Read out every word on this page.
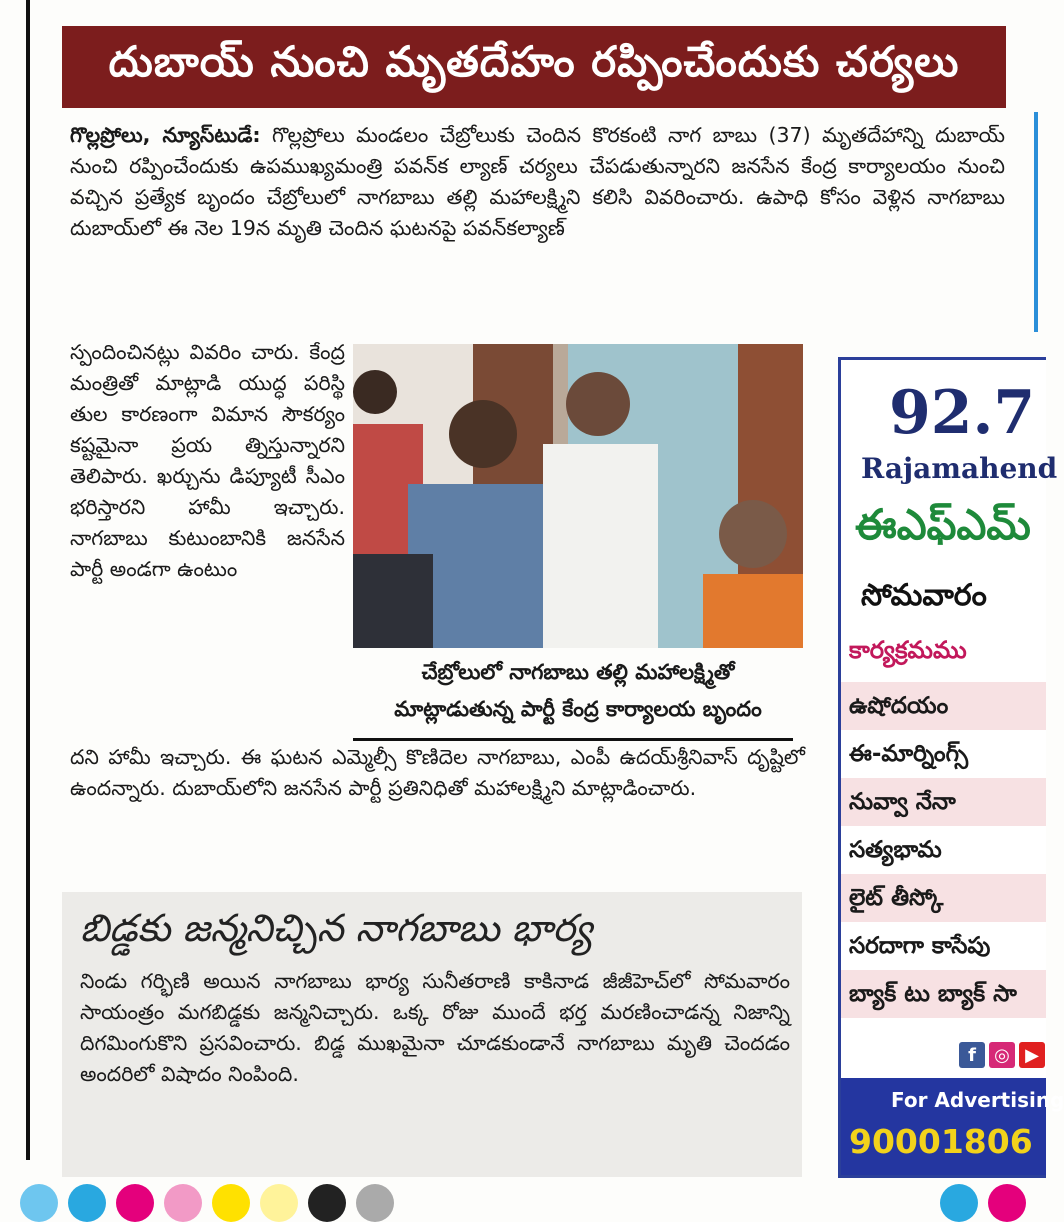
దుబాయ్ నుంచి మృతదేహం రప్పించేందుకు చర్యలు
గొల్లప్రోలు, న్యూస్‌టుడే: గొల్లప్రోలు మండలం చేబ్రోలుకు చెందిన కొరకంటి నాగ బాబు (37) మృతదేహాన్ని దుబాయ్ నుంచి రప్పించేందుకు ఉపముఖ్యమంత్రి పవన్‌క ల్యాణ్ చర్యలు చేపడుతున్నారని జనసేన కేంద్ర కార్యాలయం నుంచి వచ్చిన ప్రత్యేక బృందం చేబ్రోలులో నాగబాబు తల్లి మహాలక్ష్మిని కలిసి వివరించారు. ఉపాధి కోసం వెళ్లిన నాగబాబు దుబాయ్‌లో ఈ నెల 19న మృతి చెందిన ఘటనపై పవన్‌కల్యాణ్
స్పందించినట్లు వివరిం చారు. కేంద్ర మంత్రితో మాట్లాడి యుద్ధ పరిస్థి తుల కారణంగా విమాన సౌకర్యం కష్టమైనా ప్రయ త్నిస్తున్నారని తెలిపారు. ఖర్చును డిప్యూటీ సీఎం భరిస్తారని హామీ ఇచ్చారు. నాగబాబు కుటుంబానికి జనసేన పార్టీ అండగా ఉంటుం
చేబ్రోలులో నాగబాబు తల్లి మహాలక్ష్మితో
మాట్లాడుతున్న పార్టీ కేంద్ర కార్యాలయ బృందం
దని హామీ ఇచ్చారు. ఈ ఘటన ఎమ్మెల్సీ కొణిదెల నాగబాబు, ఎంపీ ఉదయ్‌శ్రీనివాస్ దృష్టిలో ఉందన్నారు. దుబాయ్‌లోని జనసేన పార్టీ ప్రతినిధితో మహాలక్ష్మిని మాట్లాడించారు.
బిడ్డకు జన్మనిచ్చిన నాగబాబు భార్య
నిండు గర్భిణి అయిన నాగబాబు భార్య సునీతరాణి కాకినాడ జీజీహెచ్‌లో సోమవారం సాయంత్రం మగబిడ్డకు జన్మనిచ్చారు. ఒక్క రోజు ముందే భర్త మరణించాడన్న నిజాన్ని దిగమింగుకొని ప్రసవించారు. బిడ్డ ముఖమైనా చూడకుండానే నాగబాబు మృతి చెందడం అందరిలో విషాదం నింపింది.
92.7
Rajamahend
ఈఎఫ్ఎమ్
సోమవారం
కార్యక్రమము
ఉషోదయం
ఈ-మార్నింగ్స్
నువ్వా నేనా
సత్యభామ
లైట్ తీస్కో
సరదాగా కాసేపు
బ్యాక్ టు బ్యాక్ సా
f	◎ ▶
For Advertising
90001806
